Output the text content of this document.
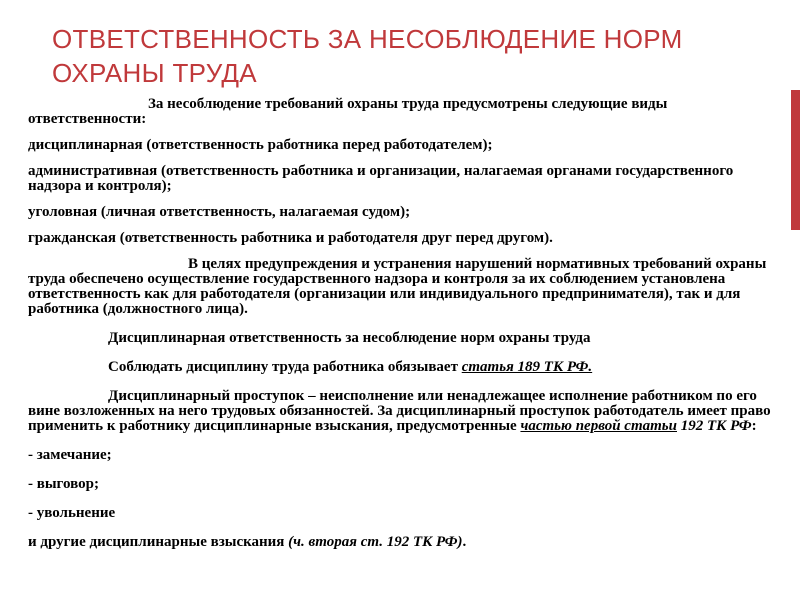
ОТВЕТСТВЕННОСТЬ ЗА НЕСОБЛЮДЕНИЕ НОРМ ОХРАНЫ ТРУДА

За несоблюдение требований охраны труда предусмотрены следующие виды ответственности:

дисциплинарная (ответственность работника перед работодателем);

административная (ответственность работника и организации, налагаемая органами государственного надзора и контроля);

уголовная (личная ответственность, налагаемая судом);

гражданская (ответственность работника и работодателя друг перед другом).

В целях предупреждения и устранения нарушений нормативных требований охраны труда обеспечено осуществление государственного надзора и контроля за их соблюдением установлена ответственность как для работодателя (организации или индивидуального предпринимателя), так и для работника (должностного лица).

Дисциплинарная ответственность за несоблюдение норм охраны труда

Соблюдать дисциплину труда работника обязывает статья 189 ТК РФ.

Дисциплинарный проступок – неисполнение или ненадлежащее исполнение работником по его вине возложенных на него трудовых обязанностей. За дисциплинарный проступок работодатель имеет право применить к работнику дисциплинарные взыскания, предусмотренные частью первой статьи 192 ТК РФ:

- замечание;

- выговор;

- увольнение

и другие дисциплинарные взыскания (ч. вторая ст. 192 ТК РФ).
